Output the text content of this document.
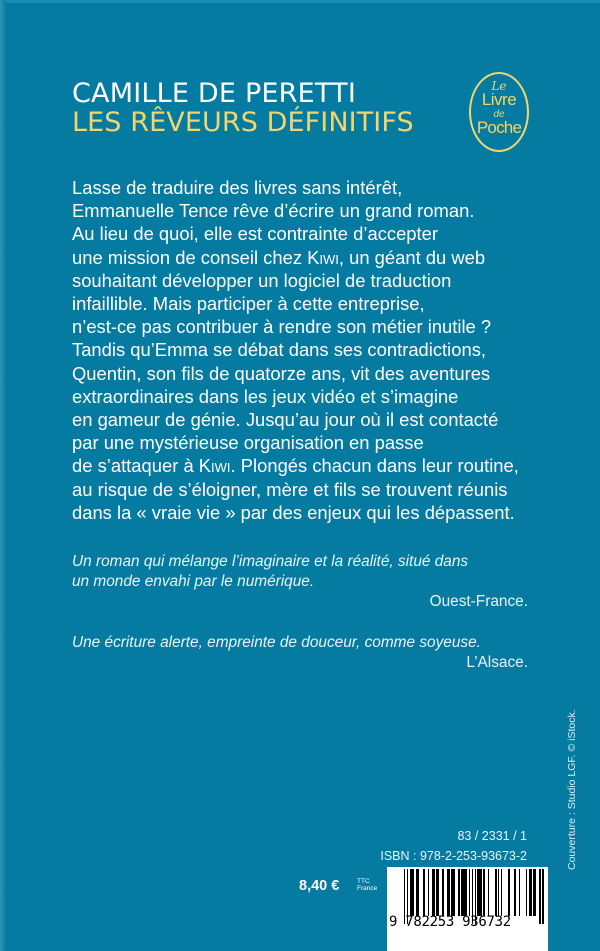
CAMILLE DE PERETTI
LES RÊVEURS DÉFINITIFS
Le
Livre
de
Poche
Lasse de traduire des livres sans intérêt,
Emmanuelle Tence rêve d’écrire un grand roman.
Au lieu de quoi, elle est contrainte d’accepter
une mission de conseil chez Kiwi, un géant du web
souhaitant développer un logiciel de traduction
infaillible. Mais participer à cette entreprise,
n’est-ce pas contribuer à rendre son métier inutile ?
Tandis qu’Emma se débat dans ses contradictions,
Quentin, son fils de quatorze ans, vit des aventures
extraordinaires dans les jeux vidéo et s’imagine
en gameur de génie. Jusqu’au jour où il est contacté
par une mystérieuse organisation en passe
de s’attaquer à Kiwi. Plongés chacun dans leur routine,
au risque de s’éloigner, mère et fils se trouvent réunis
dans la « vraie vie » par des enjeux qui les dépassent.
Un roman qui mélange l’imaginaire et la réalité, situé dans
un monde envahi par le numérique.
Ouest-France.
Une écriture alerte, empreinte de douceur, comme soyeuse.
L’Alsace.
83 / 2331 / 1
ISBN : 978-2-253-93673-2	Couverture : Studio LGF. © iStock.
8,40 €	TTC
France
9 782253 936732
